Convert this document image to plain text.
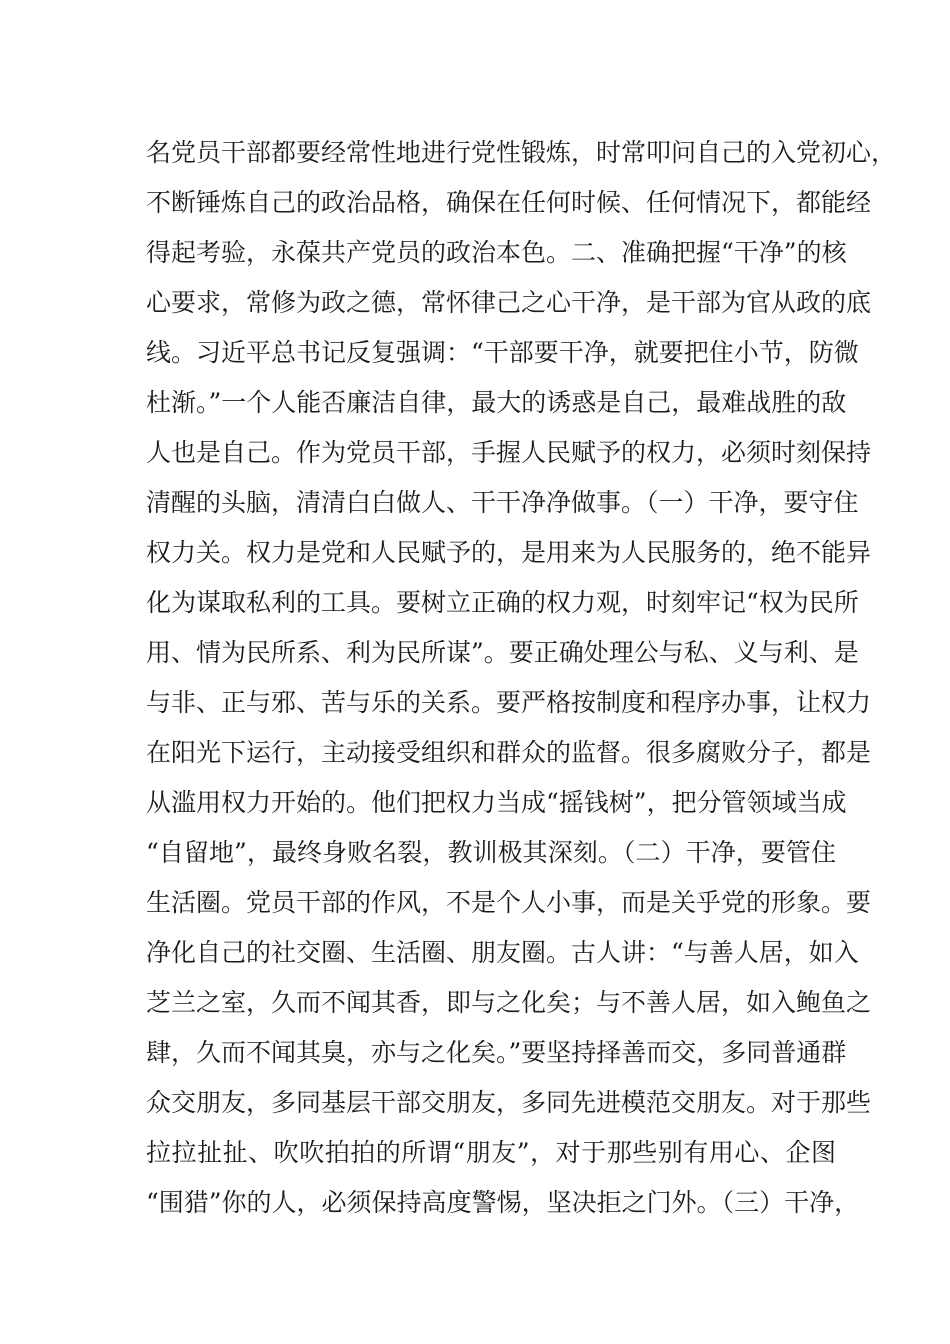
名党员干部都要经常性地进行党性锻炼，时常叩问自己的入党初心，
不断锤炼自己的政治品格，确保在任何时候、任何情况下，都能经
得起考验，永葆共产党员的政治本色。二、准确把握“干净”的核
心要求，常修为政之德，常怀律己之心干净，是干部为官从政的底
线。习近平总书记反复强调：“干部要干净，就要把住小节，防微
杜渐。”一个人能否廉洁自律，最大的诱惑是自己，最难战胜的敌
人也是自己。作为党员干部，手握人民赋予的权力，必须时刻保持
清醒的头脑，清清白白做人、干干净净做事。（一）干净，要守住
权力关。权力是党和人民赋予的，是用来为人民服务的，绝不能异
化为谋取私利的工具。要树立正确的权力观，时刻牢记“权为民所
用、情为民所系、利为民所谋”。要正确处理公与私、义与利、是
与非、正与邪、苦与乐的关系。要严格按制度和程序办事，让权力
在阳光下运行，主动接受组织和群众的监督。很多腐败分子，都是
从滥用权力开始的。他们把权力当成“摇钱树”，把分管领域当成
“自留地”，最终身败名裂，教训极其深刻。（二）干净，要管住
生活圈。党员干部的作风，不是个人小事，而是关乎党的形象。要
净化自己的社交圈、生活圈、朋友圈。古人讲：“与善人居，如入
芝兰之室，久而不闻其香，即与之化矣；与不善人居，如入鲍鱼之
肆，久而不闻其臭，亦与之化矣。”要坚持择善而交，多同普通群
众交朋友，多同基层干部交朋友，多同先进模范交朋友。对于那些
拉拉扯扯、吹吹拍拍的所谓“朋友”，对于那些别有用心、企图
“围猎”你的人，必须保持高度警惕，坚决拒之门外。（三）干净，
